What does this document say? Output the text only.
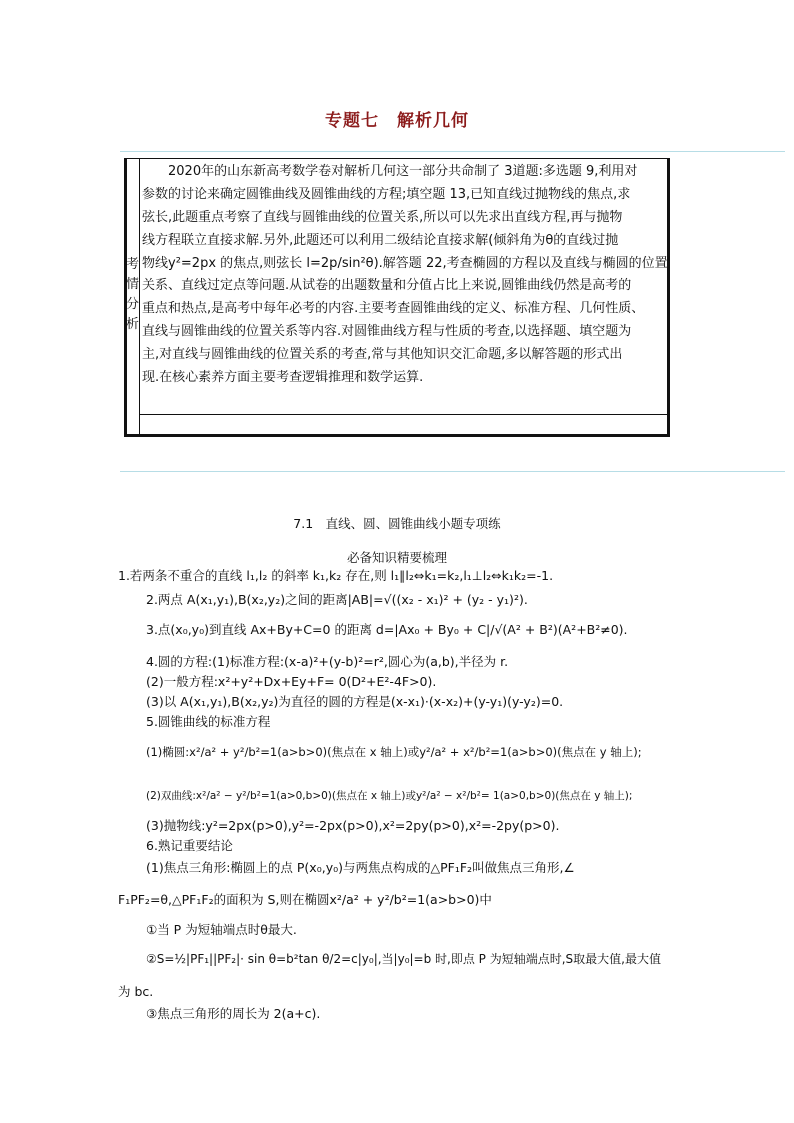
专题七　解析几何
考
情
分
析
　　2020年的山东新高考数学卷对解析几何这一部分共命制了 3道题:多选题 9,利用对
参数的讨论来确定圆锥曲线及圆锥曲线的方程;填空题 13,已知直线过抛物线的焦点,求
弦长,此题重点考察了直线与圆锥曲线的位置关系,所以可以先求出直线方程,再与抛物
线方程联立直接求解.另外,此题还可以利用二级结论直接求解(倾斜角为θ的直线过抛
物线y²=2px 的焦点,则弦长 l=2p/sin²θ).解答题 22,考查椭圆的方程以及直线与椭圆的位置
关系、直线过定点等问题.从试卷的出题数量和分值占比上来说,圆锥曲线仍然是高考的
重点和热点,是高考中每年必考的内容.主要考查圆锥曲线的定义、标准方程、几何性质、
直线与圆锥曲线的位置关系等内容.对圆锥曲线方程与性质的考查,以选择题、填空题为
主,对直线与圆锥曲线的位置关系的考查,常与其他知识交汇命题,多以解答题的形式出
现.在核心素养方面主要考查逻辑推理和数学运算.
7.1　直线、圆、圆锥曲线小题专项练
必备知识精要梳理
1.若两条不重合的直线 l₁,l₂ 的斜率 k₁,k₂ 存在,则 l₁∥l₂⇔k₁=k₂,l₁⊥l₂⇔k₁k₂=-1.
2.两点 A(x₁,y₁),B(x₂,y₂)之间的距离|AB|=√((x₂ - x₁)² + (y₂ - y₁)²).
3.点(x₀,y₀)到直线 Ax+By+C=0 的距离 d=|Ax₀ + By₀ + C|/√(A² + B²)(A²+B²≠0).
4.圆的方程:(1)标准方程:(x-a)²+(y-b)²=r²,圆心为(a,b),半径为 r.
(2)一般方程:x²+y²+Dx+Ey+F= 0(D²+E²-4F>0).
(3)以 A(x₁,y₁),B(x₂,y₂)为直径的圆的方程是(x-x₁)·(x-x₂)+(y-y₁)(y-y₂)=0.
5.圆锥曲线的标准方程
(1)椭圆:x²/a² + y²/b²=1(a>b>0)(焦点在 x 轴上)或y²/a² + x²/b²=1(a>b>0)(焦点在 y 轴上);
(2)双曲线:x²/a² − y²/b²=1(a>0,b>0)(焦点在 x 轴上)或y²/a² − x²/b²= 1(a>0,b>0)(焦点在 y 轴上);
(3)抛物线:y²=2px(p>0),y²=-2px(p>0),x²=2py(p>0),x²=-2py(p>0).
6.熟记重要结论
(1)焦点三角形:椭圆上的点 P(x₀,y₀)与两焦点构成的△PF₁F₂叫做焦点三角形,∠
F₁PF₂=θ,△PF₁F₂的面积为 S,则在椭圆x²/a² + y²/b²=1(a>b>0)中
①当 P 为短轴端点时θ最大.
②S=½|PF₁||PF₂|· sin θ=b²tan θ/2=c|y₀|,当|y₀|=b 时,即点 P 为短轴端点时,S取最大值,最大值
为 bc.
③焦点三角形的周长为 2(a+c).
